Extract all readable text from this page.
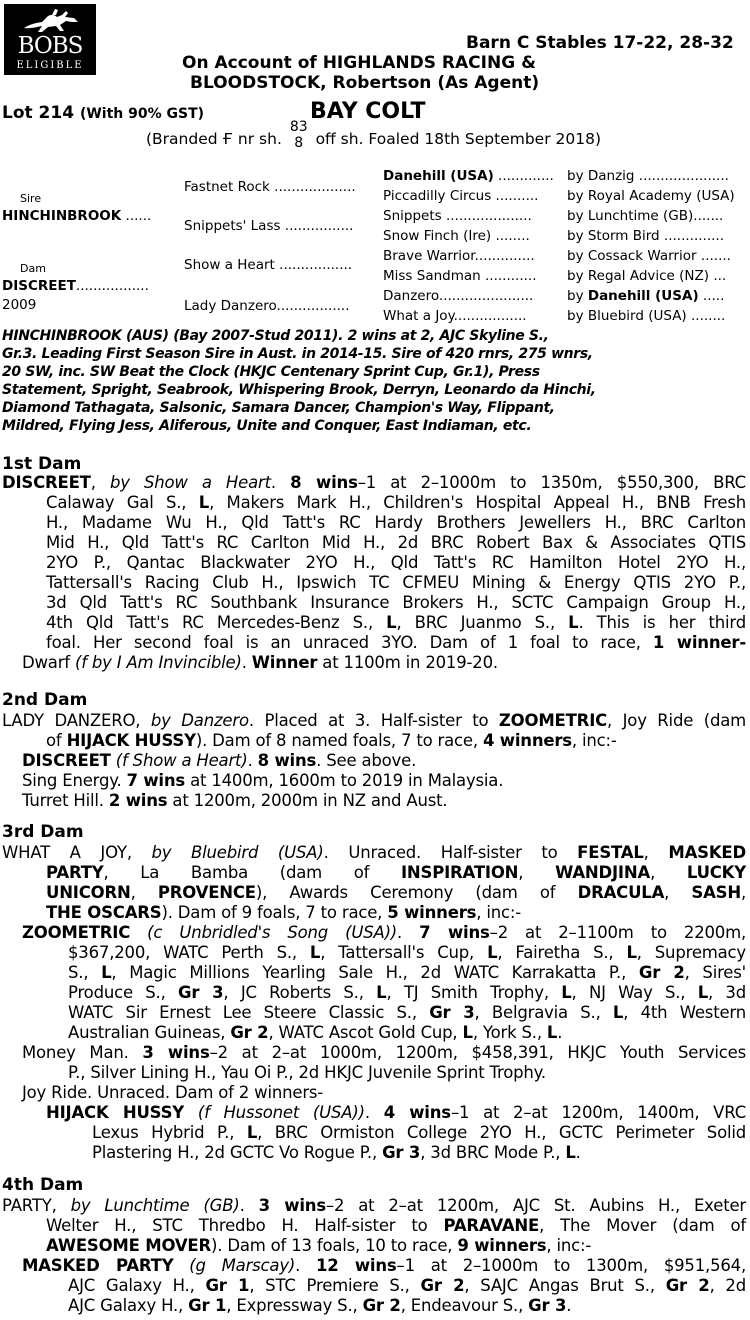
BOBS
ELIGIBLE
Barn C Stables 17-22, 28-32
On Account of HIGHLANDS RACING &
BLOODSTOCK, Robertson (As Agent)
Lot 214 (With 90% GST)	BAY COLT
(Branded Ғ nr sh. 83
8 off sh. Foaled 18th September 2018)
Sire
HINCHINBROOK ......
Dam
DISCREET.................
2009
Fastnet Rock ...................
Snippets' Lass ................
Show a Heart .................
Lady Danzero.................
Danehill (USA) .............
Piccadilly Circus ..........
Snippets ....................
Snow Finch (Ire) ........
Brave Warrior..............
Miss Sandman ............
Danzero......................
What a Joy.................
by Danzig .....................
by Royal Academy (USA)
by Lunchtime (GB).......
by Storm Bird ..............
by Cossack Warrior .......
by Regal Advice (NZ) ...
by Danehill (USA) .....
by Bluebird (USA) ........
HINCHINBROOK (AUS) (Bay 2007-Stud 2011). 2 wins at 2, AJC Skyline S.,
Gr.3. Leading First Season Sire in Aust. in 2014-15. Sire of 420 rnrs, 275 wnrs,
20 SW, inc. SW Beat the Clock (HKJC Centenary Sprint Cup, Gr.1), Press
Statement, Spright, Seabrook, Whispering Brook, Derryn, Leonardo da Hinchi,
Diamond Tathagata, Salsonic, Samara Dancer, Champion's Way, Flippant,
Mildred, Flying Jess, Aliferous, Unite and Conquer, East Indiaman, etc.
1st Dam
DISCREET, by Show a Heart. 8 wins–1 at 2–1000m to 1350m, $550,300, BRC
Calaway Gal S., L, Makers Mark H., Children's Hospital Appeal H., BNB Fresh
H., Madame Wu H., Qld Tatt's RC Hardy Brothers Jewellers H., BRC Carlton
Mid H., Qld Tatt's RC Carlton Mid H., 2d BRC Robert Bax & Associates QTIS
2YO P., Qantac Blackwater 2YO H., Qld Tatt's RC Hamilton Hotel 2YO H.,
Tattersall's Racing Club H., Ipswich TC CFMEU Mining & Energy QTIS 2YO P.,
3d Qld Tatt's RC Southbank Insurance Brokers H., SCTC Campaign Group H.,
4th Qld Tatt's RC Mercedes-Benz S., L, BRC Juanmo S., L. This is her third
foal. Her second foal is an unraced 3YO. Dam of 1 foal to race, 1 winner-
Dwarf (f by I Am Invincible). Winner at 1100m in 2019-20.
2nd Dam
LADY DANZERO, by Danzero. Placed at 3. Half-sister to ZOOMETRIC, Joy Ride (dam
of HIJACK HUSSY). Dam of 8 named foals, 7 to race, 4 winners, inc:-
DISCREET (f Show a Heart). 8 wins. See above.
Sing Energy. 7 wins at 1400m, 1600m to 2019 in Malaysia.
Turret Hill. 2 wins at 1200m, 2000m in NZ and Aust.
3rd Dam
WHAT A JOY, by Bluebird (USA). Unraced. Half-sister to FESTAL, MASKED
PARTY, La Bamba (dam of INSPIRATION, WANDJINA, LUCKY
UNICORN, PROVENCE), Awards Ceremony (dam of DRACULA, SASH,
THE OSCARS). Dam of 9 foals, 7 to race, 5 winners, inc:-
ZOOMETRIC (c Unbridled's Song (USA)). 7 wins–2 at 2–1100m to 2200m,
$367,200, WATC Perth S., L, Tattersall's Cup, L, Fairetha S., L, Supremacy
S., L, Magic Millions Yearling Sale H., 2d WATC Karrakatta P., Gr 2, Sires'
Produce S., Gr 3, JC Roberts S., L, TJ Smith Trophy, L, NJ Way S., L, 3d
WATC Sir Ernest Lee Steere Classic S., Gr 3, Belgravia S., L, 4th Western
Australian Guineas, Gr 2, WATC Ascot Gold Cup, L, York S., L.
Money Man. 3 wins–2 at 2–at 1000m, 1200m, $458,391, HKJC Youth Services
P., Silver Lining H., Yau Oi P., 2d HKJC Juvenile Sprint Trophy.
Joy Ride. Unraced. Dam of 2 winners-
HIJACK HUSSY (f Hussonet (USA)). 4 wins–1 at 2–at 1200m, 1400m, VRC
Lexus Hybrid P., L, BRC Ormiston College 2YO H., GCTC Perimeter Solid
Plastering H., 2d GCTC Vo Rogue P., Gr 3, 3d BRC Mode P., L.
4th Dam
PARTY, by Lunchtime (GB). 3 wins–2 at 2–at 1200m, AJC St. Aubins H., Exeter
Welter H., STC Thredbo H. Half-sister to PARAVANE, The Mover (dam of
AWESOME MOVER). Dam of 13 foals, 10 to race, 9 winners, inc:-
MASKED PARTY (g Marscay). 12 wins–1 at 2–1000m to 1300m, $951,564,
AJC Galaxy H., Gr 1, STC Premiere S., Gr 2, SAJC Angas Brut S., Gr 2, 2d
AJC Galaxy H., Gr 1, Expressway S., Gr 2, Endeavour S., Gr 3.
